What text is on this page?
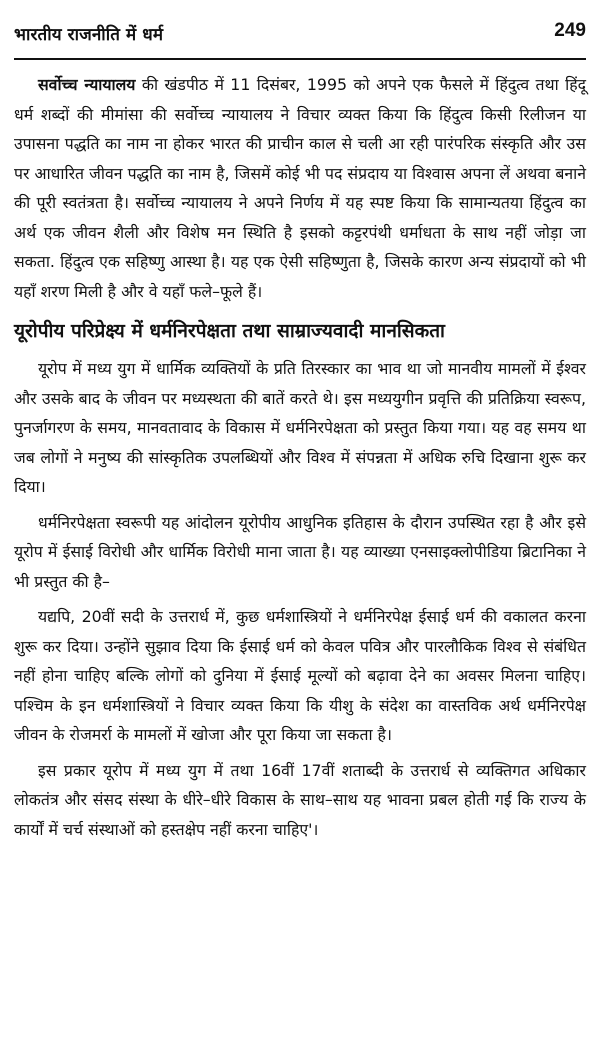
भारतीय राजनीति में धर्म	249

सर्वोच्च न्यायालय की खंडपीठ में 11 दिसंबर, 1995 को अपने एक फैसले में हिंदुत्व तथा हिंदू धर्म शब्दों की मीमांसा की सर्वोच्च न्यायालय ने विचार व्यक्त किया कि हिंदुत्व किसी रिलीजन या उपासना पद्धति का नाम ना होकर भारत की प्राचीन काल से चली आ रही पारंपरिक संस्कृति और उस पर आधारित जीवन पद्धति का नाम है, जिसमें कोई भी पद संप्रदाय या विश्वास अपना लें अथवा बनाने की पूरी स्वतंत्रता है। सर्वोच्च न्यायालय ने अपने निर्णय में यह स्पष्ट किया कि सामान्यतया हिंदुत्व का अर्थ एक जीवन शैली और विशेष मन स्थिति है इसको कट्टरपंथी धर्माधता के साथ नहीं जोड़ा जा सकता. हिंदुत्व एक सहिष्णु आस्था है। यह एक ऐसी सहिष्णुता है, जिसके कारण अन्य संप्रदायों को भी यहाँ शरण मिली है और वे यहाँ फले–फूले हैं।

यूरोपीय परिप्रेक्ष्य में धर्मनिरपेक्षता तथा साम्राज्यवादी मानसिकता

यूरोप में मध्य युग में धार्मिक व्यक्तियों के प्रति तिरस्कार का भाव था जो मानवीय मामलों में ईश्वर और उसके बाद के जीवन पर मध्यस्थता की बातें करते थे। इस मध्ययुगीन प्रवृत्ति की प्रतिक्रिया स्वरूप, पुनर्जागरण के समय, मानवतावाद के विकास में धर्मनिरपेक्षता को प्रस्तुत किया गया। यह वह समय था जब लोगों ने मनुष्य की सांस्कृतिक उपलब्धियों और विश्व में संपन्नता में अधिक रुचि दिखाना शुरू कर दिया।

धर्मनिरपेक्षता स्वरूपी यह आंदोलन यूरोपीय आधुनिक इतिहास के दौरान उपस्थित रहा है और इसे यूरोप में ईसाई विरोधी और धार्मिक विरोधी माना जाता है। यह व्याख्या एनसाइक्लोपीडिया ब्रिटानिका ने भी प्रस्तुत की है–

यद्यपि, 20वीं सदी के उत्तरार्ध में, कुछ धर्मशास्त्रियों ने धर्मनिरपेक्ष ईसाई धर्म की वकालत करना शुरू कर दिया। उन्होंने सुझाव दिया कि ईसाई धर्म को केवल पवित्र और पारलौकिक विश्व से संबंधित नहीं होना चाहिए बल्कि लोगों को दुनिया में ईसाई मूल्यों को बढ़ावा देने का अवसर मिलना चाहिए। पश्चिम के इन धर्मशास्त्रियों ने विचार व्यक्त किया कि यीशु के संदेश का वास्तविक अर्थ धर्मनिरपेक्ष जीवन के रोजमर्रा के मामलों में खोजा और पूरा किया जा सकता है।

इस प्रकार यूरोप में मध्य युग में तथा 16वीं 17वीं शताब्दी के उत्तरार्ध से व्यक्तिगत अधिकार लोकतंत्र और संसद संस्था के धीरे–धीरे विकास के साथ–साथ यह भावना प्रबल होती गई कि राज्य के कार्यों में चर्च संस्थाओं को हस्तक्षेप नहीं करना चाहिए'।
